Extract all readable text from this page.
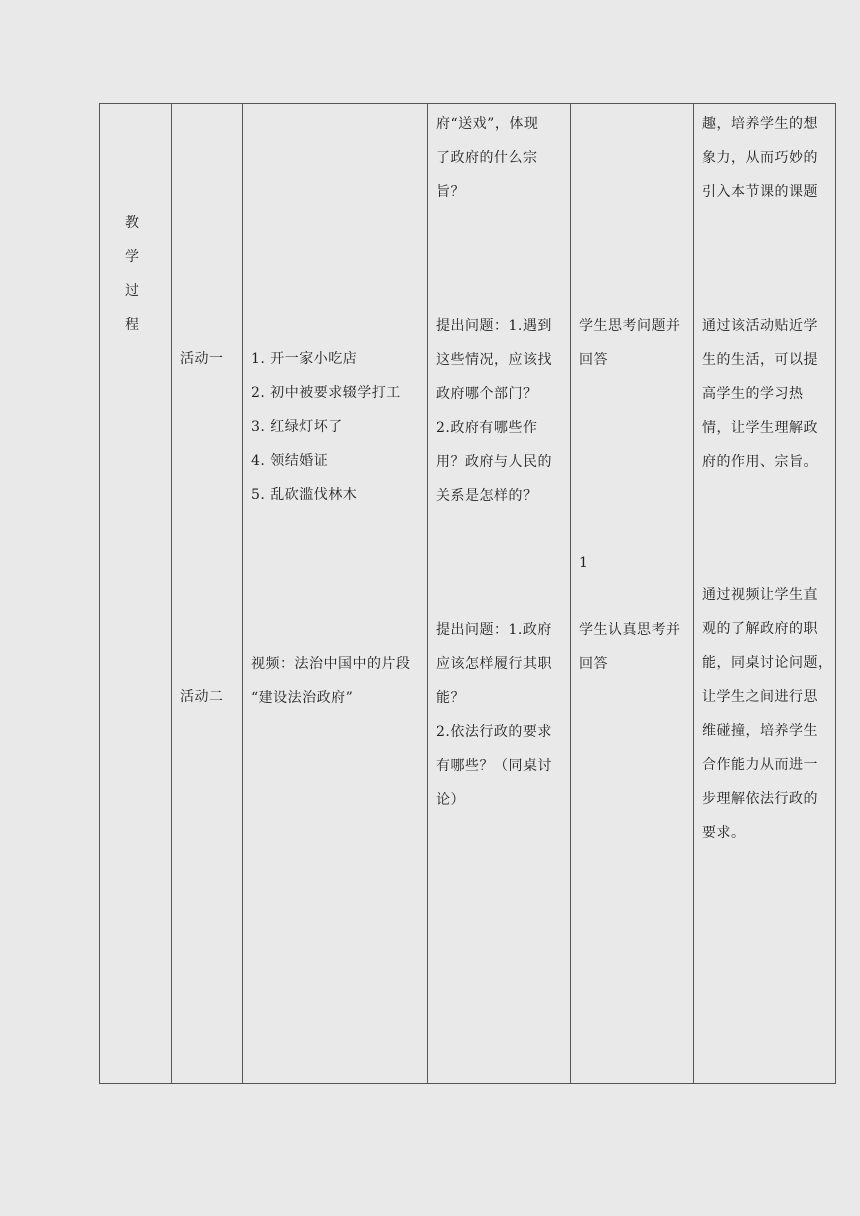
教
学
过
程
府“送戏”，体现
了政府的什么宗
旨？
趣，培养学生的想
象力，从而巧妙的
引入本节课的课题
活动一 1. 开一家小吃店
2. 初中被要求辍学打工
3. 红绿灯坏了
4. 领结婚证
5. 乱砍滥伐林木
提出问题：1.遇到
这些情况，应该找
政府哪个部门？
2.政府有哪些作
用？政府与人民的
关系是怎样的？
学生思考问题并
回答
通过该活动贴近学
生的生活，可以提
高学生的学习热
情，让学生理解政
府的作用、宗旨。
1
活动二
视频：法治中国中的片段
“建设法治政府”
提出问题：1.政府
应该怎样履行其职
能？
2.依法行政的要求
有哪些？（同桌讨
论）
学生认真思考并
回答
通过视频让学生直
观的了解政府的职
能，同桌讨论问题，
让学生之间进行思
维碰撞，培养学生
合作能力从而进一
步理解依法行政的
要求。
